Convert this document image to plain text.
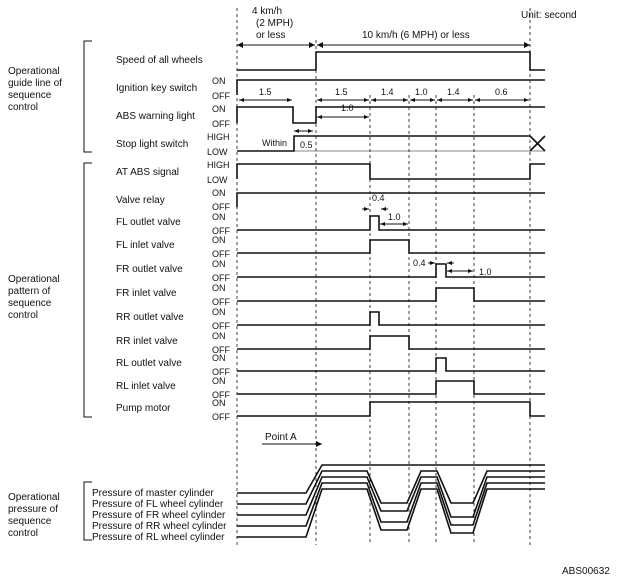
Unit: second
4 km/h
(2 MPH)
or less	10 km/h (6 MPH) or less
Operational
guide line of
sequence
control
Operational
pattern of
sequence
control
Operational
pressure of
sequence
control
Speed of all wheels
Ignition key switch
ABS warning light
Stop light switch
AT ABS signal
Valve relay
FL outlet valve
FL inlet valve
FR outlet valve
FR inlet valve
RR outlet valve
RR inlet valve
RL outlet valve
RL inlet valve
Pump motor
ON
OFF
ON
OFF
HIGH
LOW
HIGH
LOW
ON
OFF
ON
OFF
ON
OFF
ON
OFF
ON
OFF
ON
OFF
ON
OFF
ON
OFF
ON
OFF
ON
OFF
1.5	1.5	1.4 1.0 1.4	0.6
1.0
Within 0.5
0.4
1.0
0.4
1.0
Point A
Pressure of master cylinder
Pressure of FL wheel cylinder
Pressure of FR wheel cylinder
Pressure of RR wheel cylinder
Pressure of RL wheel cylinder
ABS00632
